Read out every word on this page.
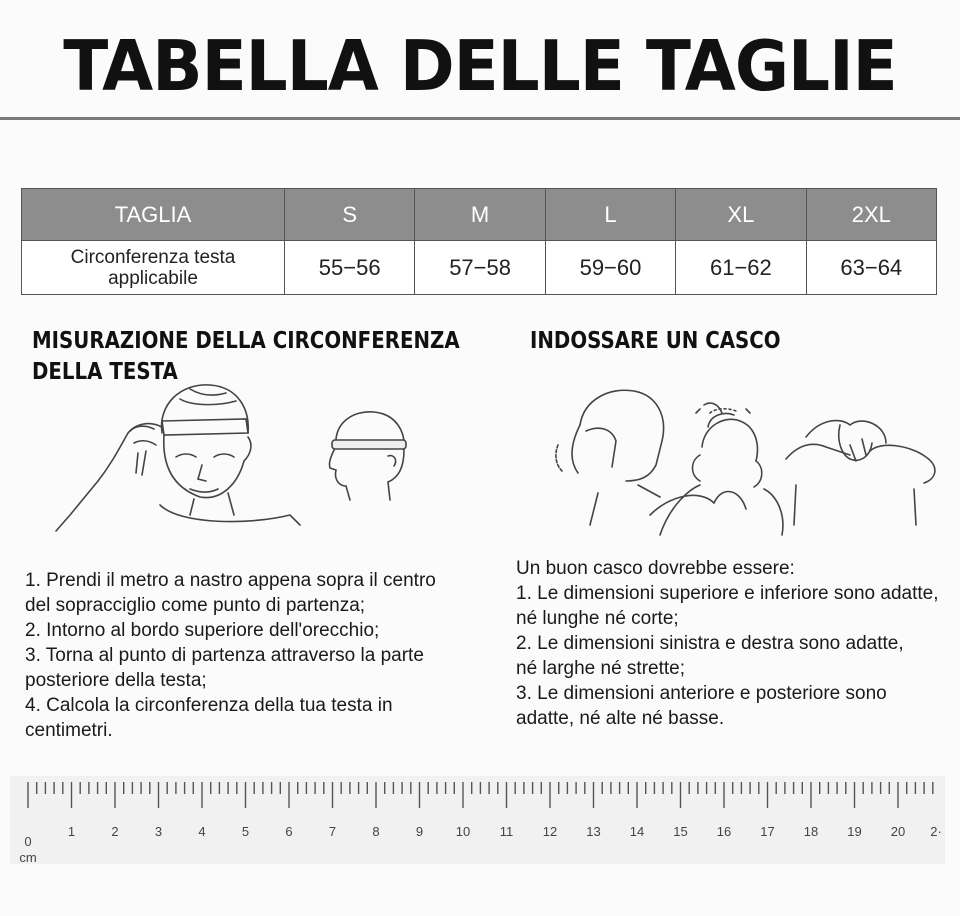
TABELLA DELLE TAGLIE
TAGLIA	S	M	L	XL	2XL

Circonferenza testa
applicabile	55−56	57−58	59−60	61−62	63−64
MISURAZIONE DELLA CIRCONFERENZA
DELLA TESTA
INDOSSARE UN CASCO
1. Prendi il metro a nastro appena sopra il centro
del sopracciglio come punto di partenza;
2. Intorno al bordo superiore dell'orecchio;
3. Torna al punto di partenza attraverso la parte
posteriore della testa;
4. Calcola la circonferenza della tua testa in
centimetri.
Un buon casco dovrebbe essere:
1. Le dimensioni superiore e inferiore sono adatte,
né lunghe né corte;
2. Le dimensioni sinistra e destra sono adatte,
né larghe né strette;
3. Le dimensioni anteriore e posteriore sono
adatte, né alte né basse.
0
1	2	3	4	5	6	7	8	9	10 11 12 13 14 15 16 17 18 19 20 2·
cm
